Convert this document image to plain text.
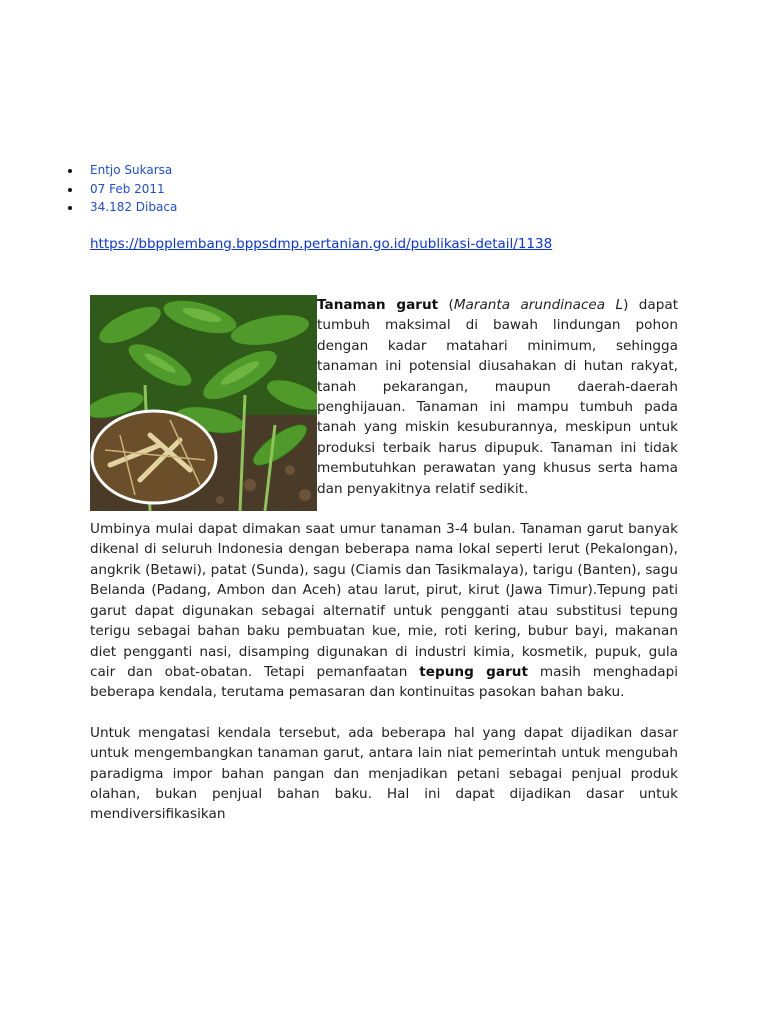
Entjo Sukarsa
07 Feb 2011
34.182 Dibaca
https://bbpplembang.bppsdmp.pertanian.go.id/publikasi-detail/1138

Tanaman garut (Maranta arundinacea L) dapat tumbuh maksimal di bawah lindungan pohon dengan kadar matahari minimum, sehingga tanaman ini potensial diusahakan di hutan rakyat, tanah pekarangan, maupun daerah-daerah penghijauan. Tanaman ini mampu tumbuh pada tanah yang miskin kesuburannya, meskipun untuk produksi terbaik harus dipupuk. Tanaman ini tidak membutuhkan perawatan yang khusus serta hama dan penyakitnya relatif sedikit.

Umbinya mulai dapat dimakan saat umur tanaman 3-4 bulan. Tanaman garut banyak dikenal di seluruh Indonesia dengan beberapa nama lokal seperti lerut (Pekalongan), angkrik (Betawi), patat (Sunda), sagu (Ciamis dan Tasikmalaya), tarigu (Banten), sagu Belanda (Padang, Ambon dan Aceh) atau larut, pirut, kirut (Jawa Timur).Tepung pati garut dapat digunakan sebagai alternatif untuk pengganti atau substitusi tepung terigu sebagai bahan baku pembuatan kue, mie, roti kering, bubur bayi, makanan diet pengganti nasi, disamping digunakan di industri kimia, kosmetik, pupuk, gula cair dan obat-obatan. Tetapi pemanfaatan tepung garut masih menghadapi beberapa kendala, terutama pemasaran dan kontinuitas pasokan bahan baku.

Untuk mengatasi kendala tersebut, ada beberapa hal yang dapat dijadikan dasar untuk mengembangkan tanaman garut, antara lain niat pemerintah untuk mengubah paradigma impor bahan pangan dan menjadikan petani sebagai penjual produk olahan, bukan penjual bahan baku. Hal ini dapat dijadikan dasar untuk mendiversifikasikan
